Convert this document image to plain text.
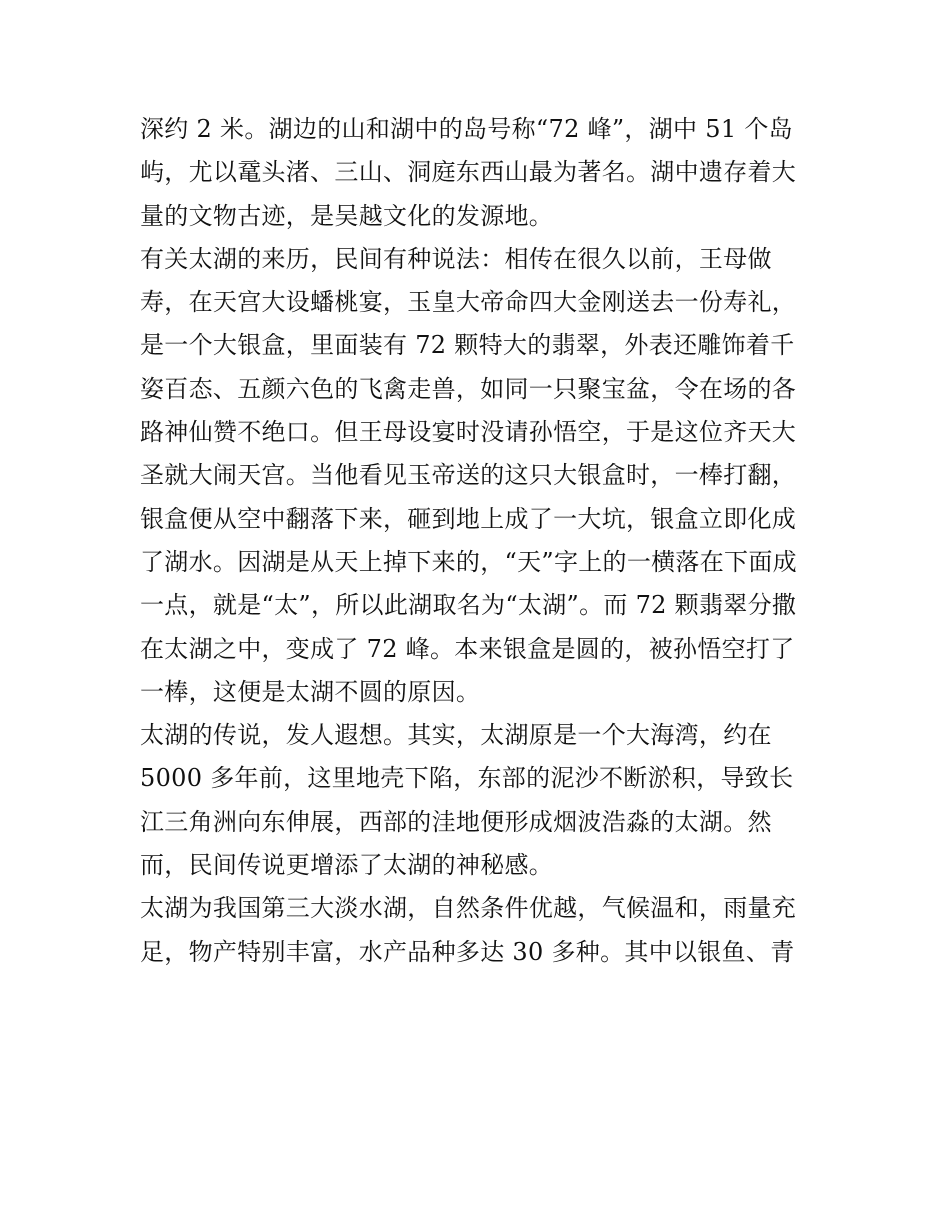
深约 2 米。湖边的山和湖中的岛号称“72 峰”，湖中 51 个岛
屿，尤以鼋头渚、三山、洞庭东西山最为著名。湖中遗存着大
量的文物古迹，是吴越文化的发源地。
有关太湖的来历，民间有种说法：相传在很久以前，王母做
寿，在天宫大设蟠桃宴，玉皇大帝命四大金刚送去一份寿礼，
是一个大银盒，里面装有 72 颗特大的翡翠，外表还雕饰着千
姿百态、五颜六色的飞禽走兽，如同一只聚宝盆，令在场的各
路神仙赞不绝口。但王母设宴时没请孙悟空，于是这位齐天大
圣就大闹天宫。当他看见玉帝送的这只大银盒时，一棒打翻，
银盒便从空中翻落下来，砸到地上成了一大坑，银盒立即化成
了湖水。因湖是从天上掉下来的，“天”字上的一横落在下面成
一点，就是“太”，所以此湖取名为“太湖”。而 72 颗翡翠分撒
在太湖之中，变成了 72 峰。本来银盒是圆的，被孙悟空打了
一棒，这便是太湖不圆的原因。
太湖的传说，发人遐想。其实，太湖原是一个大海湾，约在
5000 多年前，这里地壳下陷，东部的泥沙不断淤积，导致长
江三角洲向东伸展，西部的洼地便形成烟波浩淼的太湖。然
而，民间传说更增添了太湖的神秘感。
太湖为我国第三大淡水湖，自然条件优越，气候温和，雨量充
足，物产特别丰富，水产品种多达 30 多种。其中以银鱼、青
